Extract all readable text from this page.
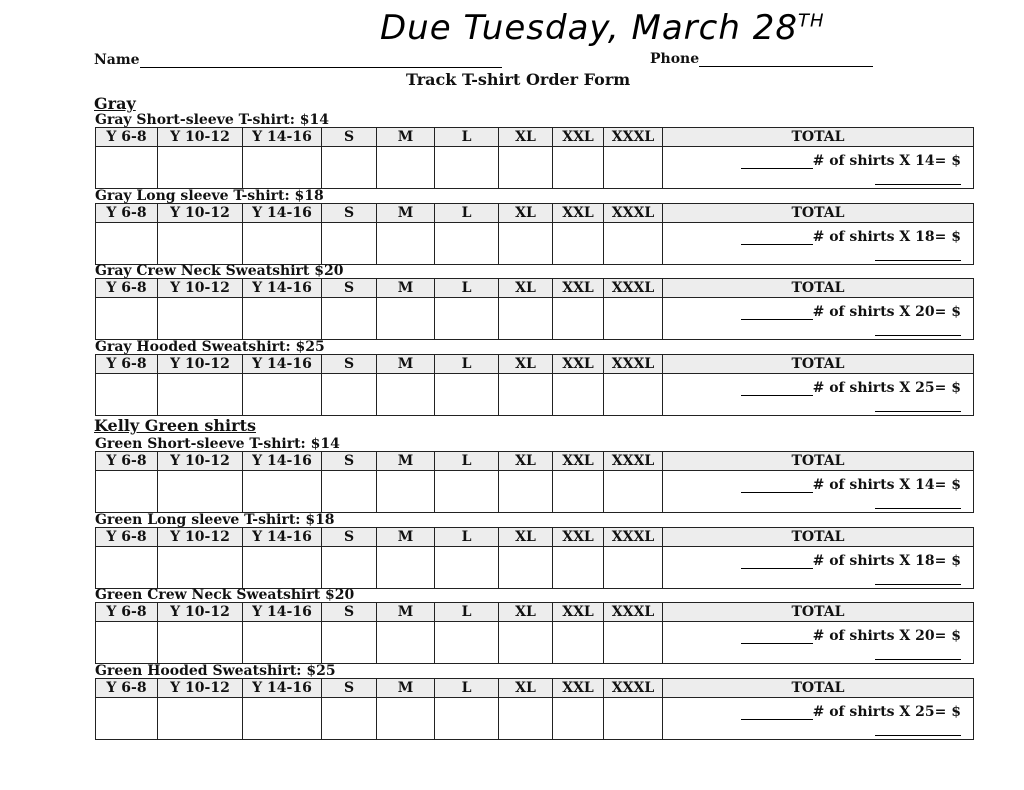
Due Tuesday, March 28TH
Name	Phone
Track T-shirt Order Form
Gray
Gray Short-sleeve T-shirt: $14
Y 6-8	Y 10-12	Y 14-16	S	M	L	XL	XXL	XXXL	TOTAL
									# of shirts X 14= $
Gray Long sleeve T-shirt: $18
Y 6-8	Y 10-12	Y 14-16	S	M	L	XL	XXL	XXXL	TOTAL
									# of shirts X 18= $
Gray Crew Neck Sweatshirt $20
Y 6-8	Y 10-12	Y 14-16	S	M	L	XL	XXL	XXXL	TOTAL
									# of shirts X 20= $
Gray Hooded Sweatshirt: $25
Y 6-8	Y 10-12	Y 14-16	S	M	L	XL	XXL	XXXL	TOTAL
									# of shirts X 25= $
Kelly Green shirts
Green Short-sleeve T-shirt: $14
Y 6-8	Y 10-12	Y 14-16	S	M	L	XL	XXL	XXXL	TOTAL
									# of shirts X 14= $
Green Long sleeve T-shirt: $18
Y 6-8	Y 10-12	Y 14-16	S	M	L	XL	XXL	XXXL	TOTAL
									# of shirts X 18= $
Green Crew Neck Sweatshirt $20
Y 6-8	Y 10-12	Y 14-16	S	M	L	XL	XXL	XXXL	TOTAL
									# of shirts X 20= $
Green Hooded Sweatshirt: $25
Y 6-8	Y 10-12	Y 14-16	S	M	L	XL	XXL	XXXL	TOTAL
									# of shirts X 25= $
